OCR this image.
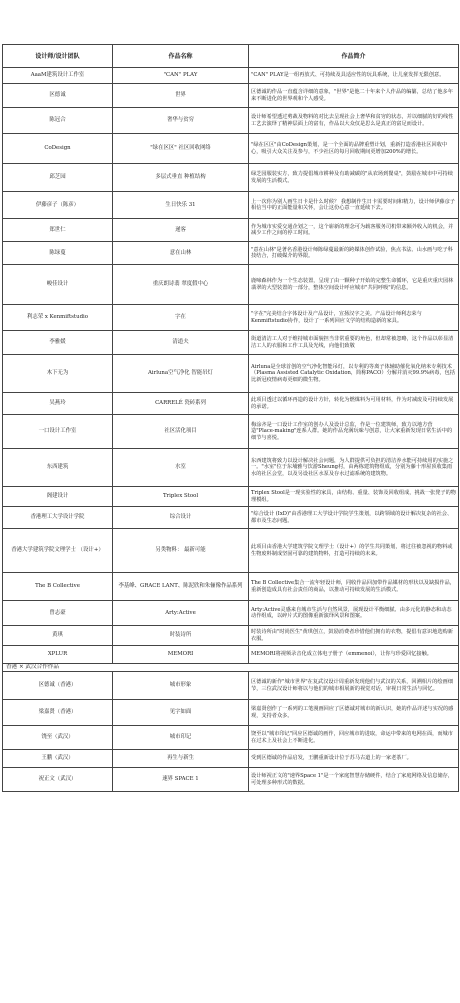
设计师/设计团队	作品名称	作品简介
AaaM建筑设计工作室	"CAN" PLAY	"CAN" PLAY是一组再放式、可持续及具适应性的玩具系统，让儿童发挥无限创意。
区德诚	世界	区德诚的作品一直蕴含详细的意象，"世界"是他二十年来个人作品的编纂，总结了他多年来不断进化的世界观和个人感受。
陈冠合	奢华与贫穷	设计师希望透过剪裁及物料的对比去呈现社会上奢华和贫穷的状态，并以细腻的好的线性工艺去演绎了精神层面上的富有，作品以大众仅是思么是真正的富足而设计。
CoDesign	"绿在区区" 社区回收网络	"绿在区区"由CoDesign策划，是一个全面的品牌重塑计划，重新打造香港社区回收中心，吸引大众关注及参与，不少社区的每月回收期间更增加200%的增长。
邱芝园	多层式垂直 种植结构	绿芝园服装实方，致力提倡城市耕种及有助减碳的"从农场到餐桌"，鼓励在城市中可持续发展的生活模式。
伊藤彦子（陈彦）	生日快乐 31	上一次你为别人画生日卡是什么时候？ 我想制作生日卡需要时间和精力，设计师伊藤彦子相信当中的正面能量和关怀，会让这份心意一直延续下去。
郑世仁	递客	作为城市实爱交通企划之一，这个崭新的理念可为载客服务司机带来额外收入的机会，并减少工作之间的停工时间。
陈绿蔓	意在山林	"意在山林"是著名香港设计师陈绿蔓最新的跨媒体创作试验，焦点书法、山水画与吃子科技结合，打破媒介的界限。
峻佳设计	重庆朗诗翡 翠度假中心	鹿啼森林作为一个生态装置，呈现了由一颗种子开始的完整生命循环，它是重庆重庆园林翡翠的大型装置的一部分，整体空间设计呼应城市"共同呼吸"的信息。
利志荣 x Kenmiftstudio	字在	"字在"完美结合字体设计及产品设计，宣扬汉字之美。产品设计师利志荣与Kenmiftstudio协作，设计了一系列回应文学的结构造新的家具。
李雅媛	清道夫	街道清洁工人对于维持城市面貌担当非常重要的角色，但却常被忽略，这个作品以彰显清洁工人的衣服和工作工具及光线，向他们致敬
木下无为	Airluna空气净化 智能吊灯	Airluna是全球首创的空气净化智能吊灯，以专利的等离子体辅助催化氧化纳米专利技术（Plasma Assisted Catalytic Oxidation，简称PACO）分解并消灭99.9%病毒，包括比新冠疫情病毒更细的微生物。
吴燕玲	CARRELÉ 瓷砖系列	此项目透过以循环再造的设计方针，转化为燃煤料为可用材料，作为对减废及可持续发展的承诺。
一口设计工作室	社区活化项目	梅涂齐是一口设计工作室的创办人及设计总监，作是一位建筑师，致力以地方营造"Place-making"连系人群。她的作品充满玩味与创意，让大家重新发现日常生活中的细节与喜悦。
东西建筑	水室	东西建筑将致力以设计解决社会问题，为人群提供可负担的清洁养水能可持续用的实施之一。"水室"位于东埔雅与饮游Sheung村，由两栋建筑物组成，分别为藤十形屋顶收集雨水的社区会堂，以及另设社区水泵及存水过滤系统的建筑物。
阁建设计	Triplex Stool	Triplex Stool是一现实验性的家具，由结构、重量、装饰及回收组成，挑战一张凳子的物理模组。
香港理工大学设计学院	综合设计	"综合设计 (IxD)"由香港理工大学设计学院学生策划，以跨领域的设计解决复杂的社会、都市及生态问题。
香港大学建筑学院文理学士 （设计+）	另类物料： 最新可能	此项目由香港大学建筑学院文理学士（设计+）的学生共同策划，将过往被忽视的物料或生物废料制成坚固可靠的建筑物料，打造可持续的未来。
The B Collective	李基峰、GRACE LANT、陈泥欣和朱俪像作品系列	The B Collective集合一流年轻设计师，同收作品回加带作品媒材的形状以及缺损作品，重新创造成具有社会责任的商品，以推动可持续发展的生活模式。
曾志豪	Arty:Active	Arty:Active灵感来自城市生活与自然风景，展现设计平衡细腻、由多元化的静态和动态动作组成，以碎片式的图像重新演绎风景和图案。
黄琪	时装诗所	时装诗所由"时尚医生"黄琪创立，鼓励消费者珍惜他们拥有的衣物，提倡有意识地选购新衣服。
XPLUR	MEMORI	MEMORI将视频录音化成立体电子册子（emmenoi），让你与珍爱回忆接触。
香港 × 武汉合作作品		
区德诚（香港）	城市形象	区德诚的新作"城市世界"在复武汉设计周重新发现他们与武汉的关系，回溯相片的绘画细节，三位武汉设计师将以与他们的城市相展新的视觉对话，审视日常生活与回忆。
梁嘉贤（香港）	见字如面	梁嘉贤创作了一系列的工笔漫画回应了区德诚对城市的新认识，她的作品详述与实况的感观，支持者众多。
饶至（武汉）	城市印记	饶至以"城市印记"回应区德诚的画作，回应城市的进取，命运中带来的电网在面，而城市在过术上及社会上不断进化。
王鹏（武汉）	再生与新生	受到区德诚的作品启发，王鹏重新设计位于苏马古道上的一家老茶厂。
祝正文（武汉）	速界 SPACE 1	设计师祝正文的"速界Space 1"是一个家庭智慧存储硬件，结合了家庭网络及信息储存，可处理多种形式的数据。
